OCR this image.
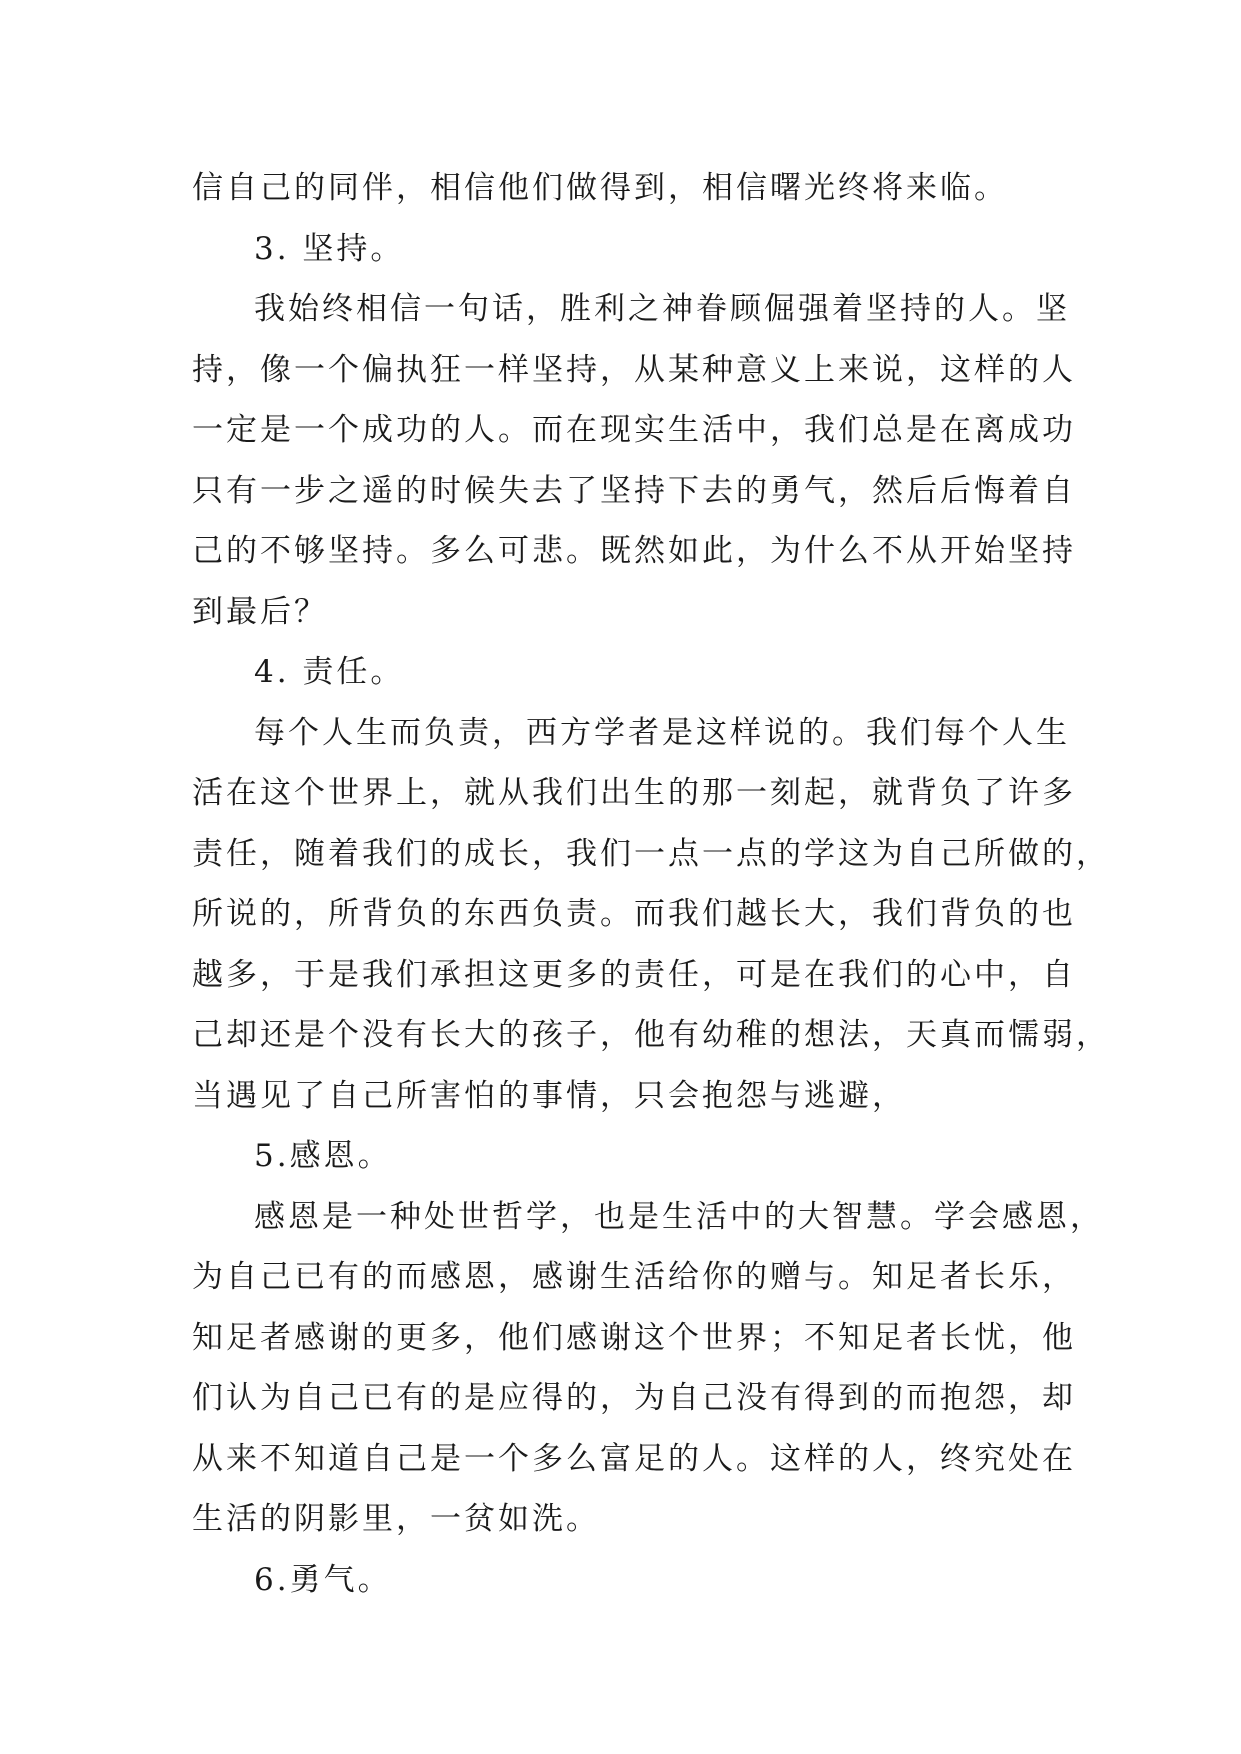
信自己的同伴，相信他们做得到，相信曙光终将来临。
3. 坚持。
我始终相信一句话，胜利之神眷顾倔强着坚持的人。坚
持，像一个偏执狂一样坚持，从某种意义上来说，这样的人
一定是一个成功的人。而在现实生活中，我们总是在离成功
只有一步之遥的时候失去了坚持下去的勇气，然后后悔着自
己的不够坚持。多么可悲。既然如此，为什么不从开始坚持
到最后？
4. 责任。
每个人生而负责，西方学者是这样说的。我们每个人生
活在这个世界上，就从我们出生的那一刻起，就背负了许多
责任，随着我们的成长，我们一点一点的学这为自己所做的，
所说的，所背负的东西负责。而我们越长大，我们背负的也
越多，于是我们承担这更多的责任，可是在我们的心中，自
己却还是个没有长大的孩子，他有幼稚的想法，天真而懦弱，
当遇见了自己所害怕的事情，只会抱怨与逃避，
5.感恩。
感恩是一种处世哲学，也是生活中的大智慧。学会感恩，
为自己已有的而感恩，感谢生活给你的赠与。知足者长乐，
知足者感谢的更多，他们感谢这个世界；不知足者长忧，他
们认为自己已有的是应得的，为自己没有得到的而抱怨，却
从来不知道自己是一个多么富足的人。这样的人，终究处在
生活的阴影里，一贫如洗。
6.勇气。
